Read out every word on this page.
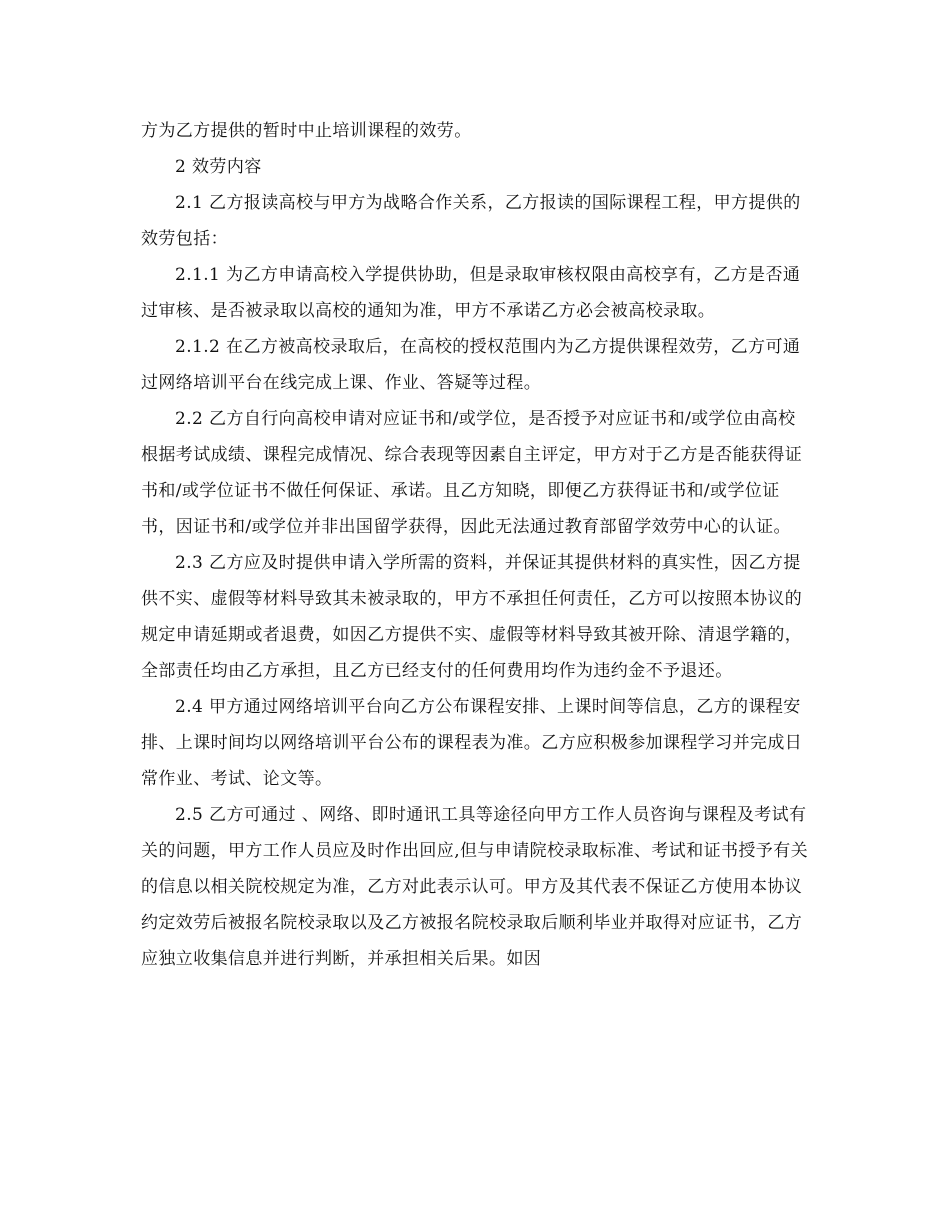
方为乙方提供的暂时中止培训课程的效劳。

2 效劳内容

2.1 乙方报读高校与甲方为战略合作关系，乙方报读的国际课程工程，甲方提供的效劳包括：

2.1.1 为乙方申请高校入学提供协助，但是录取审核权限由高校享有，乙方是否通过审核、是否被录取以高校的通知为准，甲方不承诺乙方必会被高校录取。

2.1.2 在乙方被高校录取后，在高校的授权范围内为乙方提供课程效劳，乙方可通过网络培训平台在线完成上课、作业、答疑等过程。

2.2 乙方自行向高校申请对应证书和/或学位，是否授予对应证书和/或学位由高校根据考试成绩、课程完成情况、综合表现等因素自主评定，甲方对于乙方是否能获得证书和/或学位证书不做任何保证、承诺。且乙方知晓，即便乙方获得证书和/或学位证书，因证书和/或学位并非出国留学获得，因此无法通过教育部留学效劳中心的认证。

2.3 乙方应及时提供申请入学所需的资料，并保证其提供材料的真实性，因乙方提供不实、虚假等材料导致其未被录取的，甲方不承担任何责任，乙方可以按照本协议的规定申请延期或者退费，如因乙方提供不实、虚假等材料导致其被开除、清退学籍的，全部责任均由乙方承担，且乙方已经支付的任何费用均作为违约金不予退还。

2.4 甲方通过网络培训平台向乙方公布课程安排、上课时间等信息，乙方的课程安排、上课时间均以网络培训平台公布的课程表为准。乙方应积极参加课程学习并完成日常作业、考试、论文等。

2.5 乙方可通过 、网络、即时通讯工具等途径向甲方工作人员咨询与课程及考试有关的问题，甲方工作人员应及时作出回应,但与申请院校录取标准、考试和证书授予有关的信息以相关院校规定为准，乙方对此表示认可。甲方及其代表不保证乙方使用本协议约定效劳后被报名院校录取以及乙方被报名院校录取后顺利毕业并取得对应证书，乙方应独立收集信息并进行判断，并承担相关后果。如因
